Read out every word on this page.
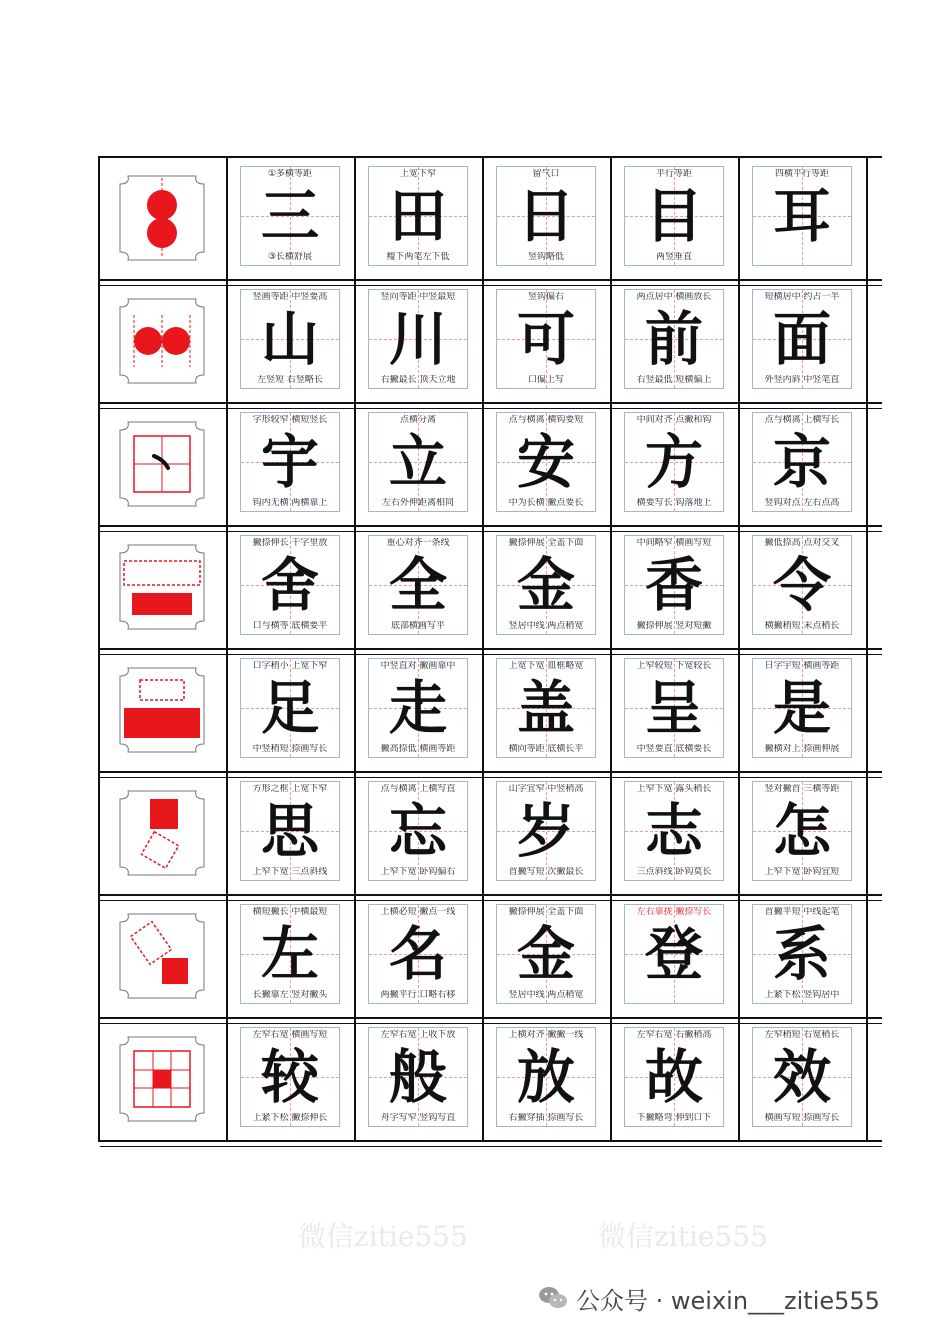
微信zitie555	微信zitie555
①多横等距
三
③长横舒展
上宽下窄
田
瘦下两笔左下低
留气口
日
竖钩略低
平行等距
目
两竖垂直
四横平行等距
耳
竖画等距 中竖要高
山
左竖短 右竖略长
竖向等距 中竖最短
川
右撇最长 顶天立地
竖钩偏右
可
口偏上写
两点居中 横画放长
前
右竖最低 短横偏上
短横居中 约占一半
面
外竖内斜 中竖笔直
字形较窄 横短竖长
宇
钩内无横 两横靠上
点横分离
立
左右外伸距离相同
点与横离 横钩要短
安
中为长横 撇点要长
中间对齐 点撇和钩
方
横要写长 钩落地上
点与横离 上横写长
京
竖钩对点 左右点高
撇捺伸长 干字里放
舍
口与横等 底横要平
重心对齐一条线
全
底部横画写平
撇捺伸展 全盖下面
金
竖居中线 两点稍宽
中间略窄 横画写短
香
撇捺伸展 竖对短撇
撇低捺高 点对交叉
令
横撇稍短 末点稍长
口字稍小 上宽下窄
足
中竖稍短 捺画写长
中竖直对 撇画靠中
走
撇高捺低 横画等距
上宽下宽 皿框略宽
盖
横向等距 底横长平
上窄较短 下宽较长
呈
中竖要直 底横要长
日字宇短 横画等距
是
撇横对上 捺画伸展
方形之框 上宽下窄
思
上窄下宽 三点斜线
点与横离 上横写直
忘
上窄下宽 卧钩偏右
山字宜窄 中竖稍高
岁
首撇写短 次撇最长
上窄下宽 露头稍长
志
三点斜线 卧钩莫长
竖对撇首 三横等距
怎
上窄下宽 卧钩宜短
横短撇长 中横最短
左
长撇靠左 竖对撇头
上横必短 撇点一线
名
两撇平行 口略右移
撇捺伸展 全盖下面
金
竖居中线 两点稍宽
左右靠拢 撇捺写长
登
首撇平短 中线起笔
系
上紧下松 竖钩居中
左窄右宽 横画写短
较
上紧下松 撇捺伸长
左窄右宽 上收下放
般
舟字写窄 竖钩写直
上横对齐 撇撇一线
放
右撇穿插 捺画写长
左窄右宽 右撇稍高
故
下撇略弯 伸到口下
左窄稍短 右宽稍长
效
横画写短 捺画写长
公众号 · weixin___zitie555
